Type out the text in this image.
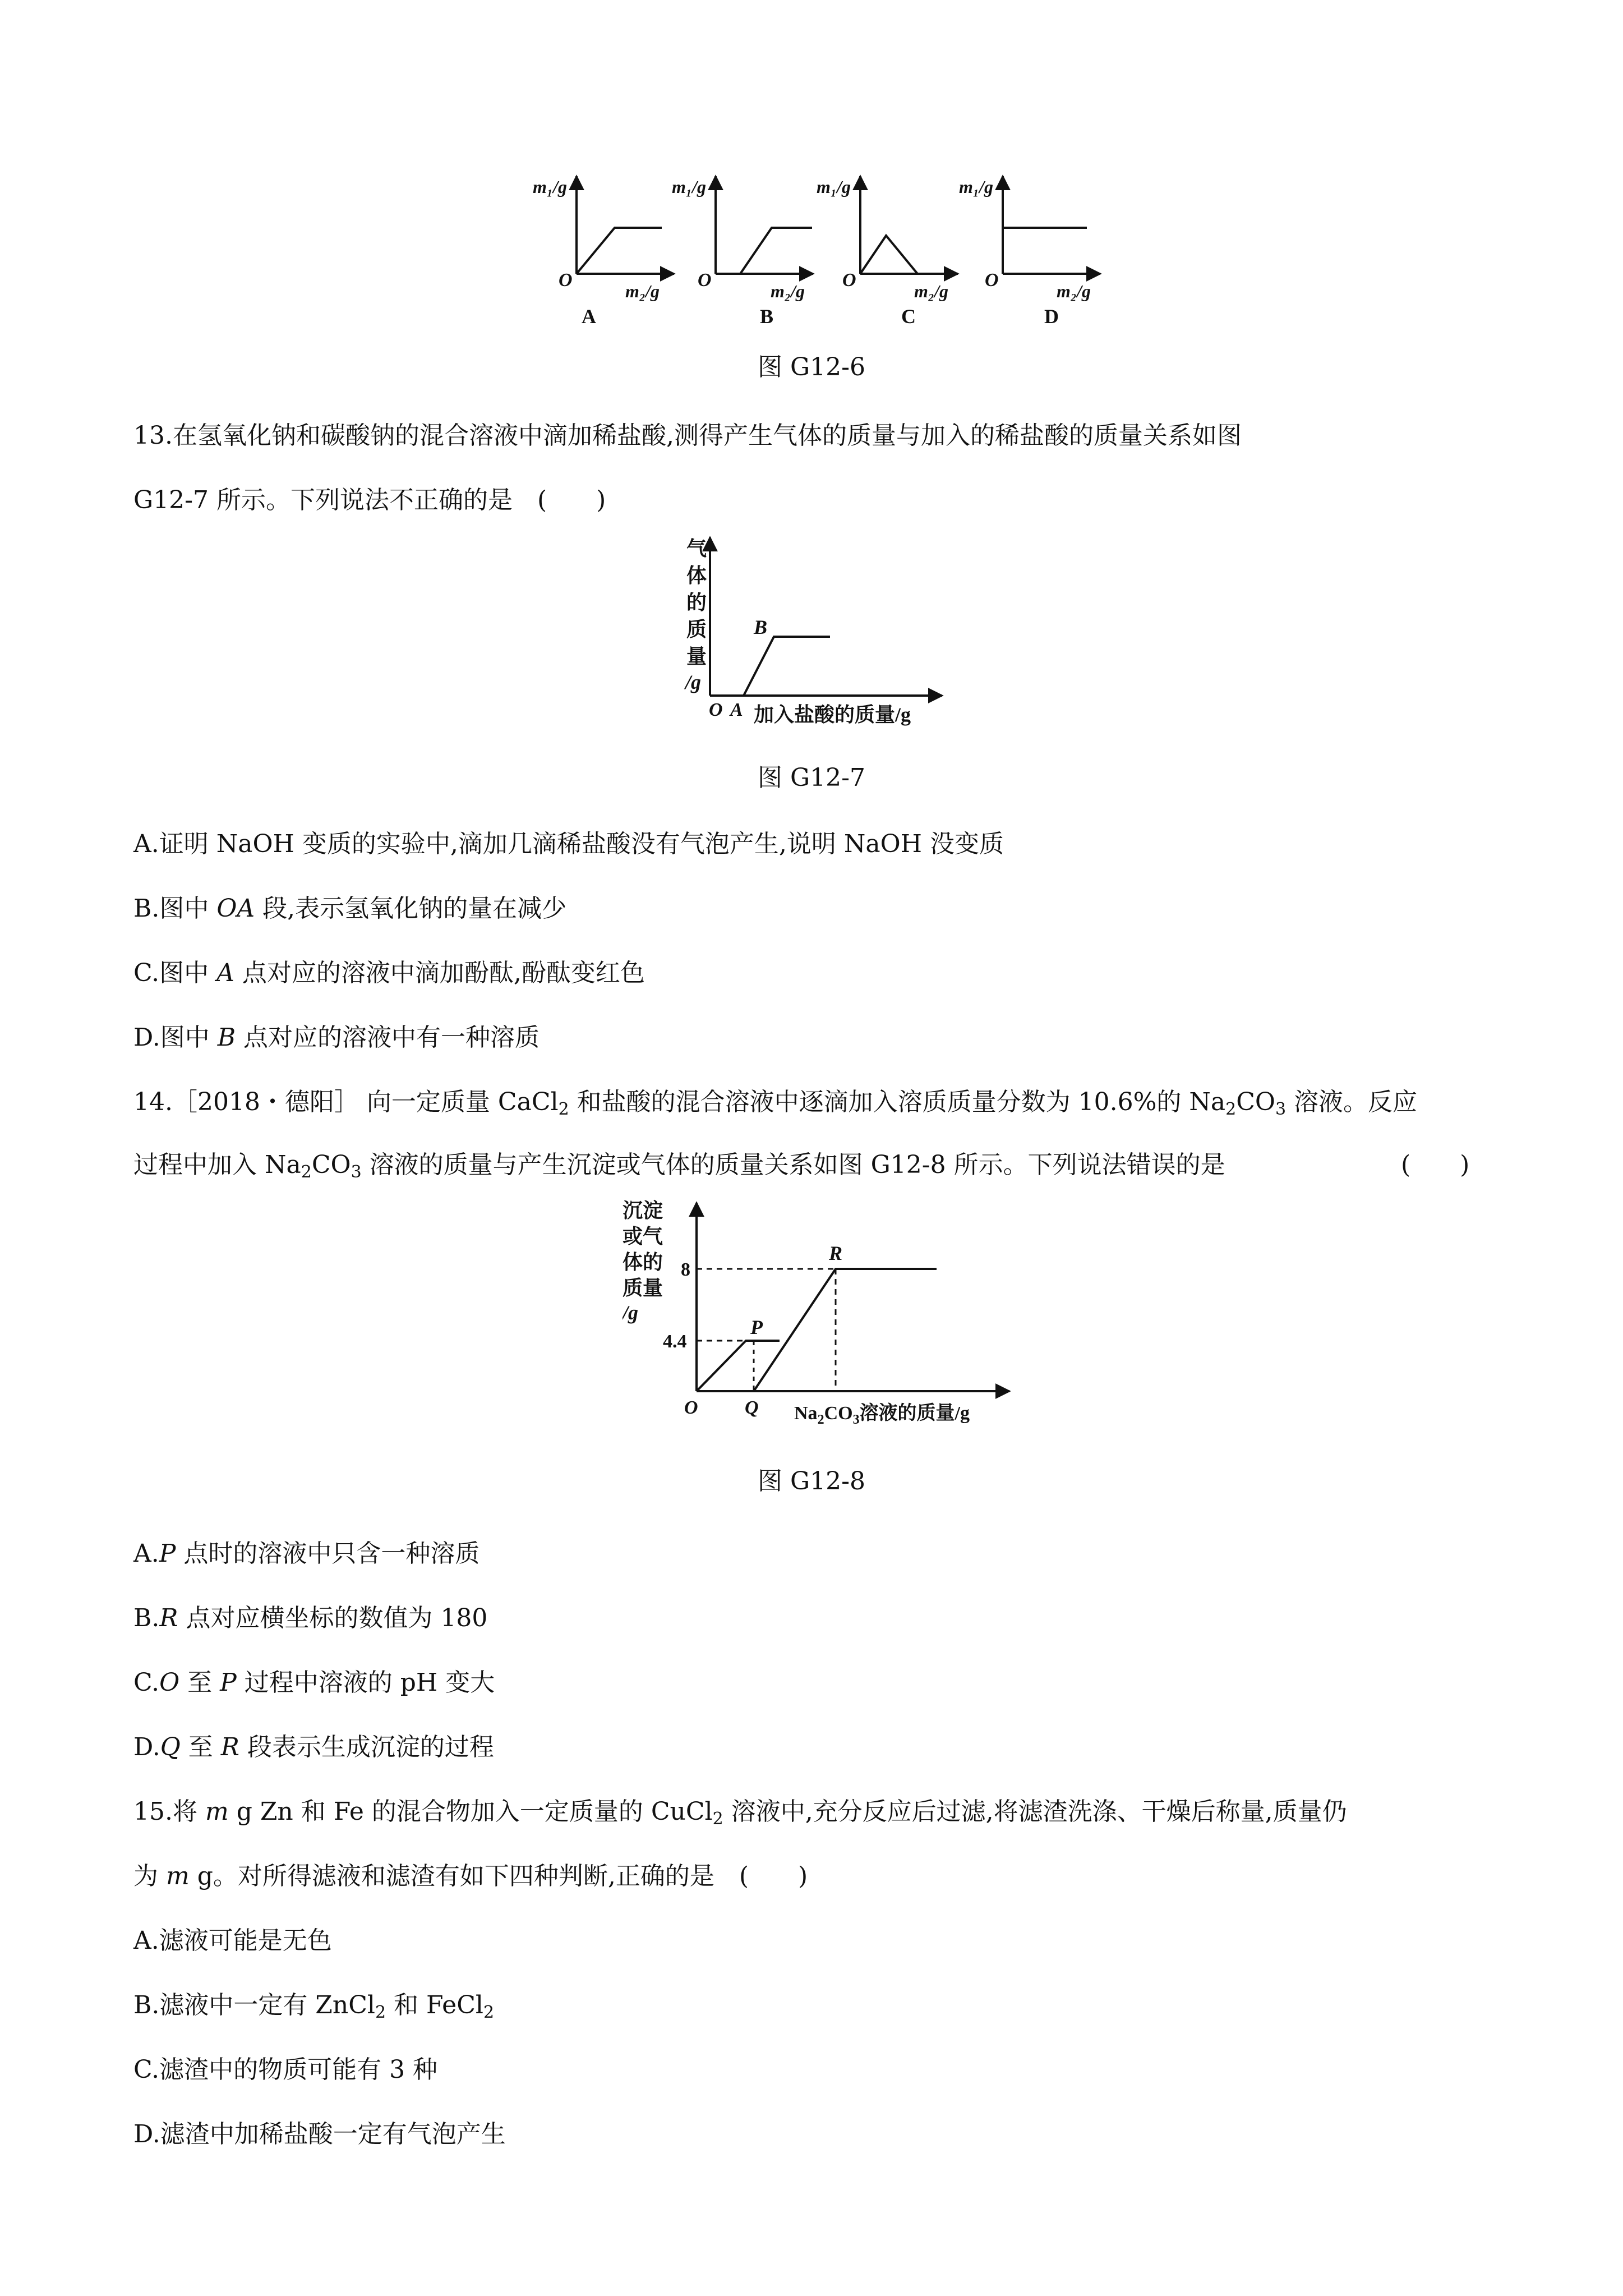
m₁/g
O
m₂/g
A
m₁/g
O
m₂/g
B
m₁/g
O
m₂/g
C
m₁/g
O
m₂/g
D
图 G12-6
13.在氢氧化钠和碳酸钠的混合溶液中滴加稀盐酸,测得产生气体的质量与加入的稀盐酸的质量关系如图
G12-7 所示。下列说法不正确的是　(　　)
气
体
的
质
量
/g
O A
B
加入盐酸的质量/g
图 G12-7
A.证明 NaOH 变质的实验中,滴加几滴稀盐酸没有气泡产生,说明 NaOH 没变质
B.图中 OA 段,表示氢氧化钠的量在减少
C.图中 A 点对应的溶液中滴加酚酞,酚酞变红色
D.图中 B 点对应的溶液中有一种溶质
14.［2018・德阳］ 向一定质量 CaCl$_2$ 和盐酸的混合溶液中逐滴加入溶质质量分数为 10.6%的 $Na_2CO_3$ 溶液。反应
过程中加入 $Na_2CO_3$ 溶液的质量与产生沉淀或气体的质量关系如图 G12-8 所示。下列说法错误的是	(　　)
沉淀
或气
体的
质量
/g
8
4.4
O Q
P
R
$Na_2CO_3$溶液的质量/g
图 G12-8
A.P 点时的溶液中只含一种溶质
B.R 点对应横坐标的数值为 180
C.O 至 P 过程中溶液的 pH 变大
D.Q 至 R 段表示生成沉淀的过程
15.将 m g Zn 和 Fe 的混合物加入一定质量的 CuCl$_2$ 溶液中,充分反应后过滤,将滤渣洗涤、干燥后称量,质量仍
为 m g。对所得滤液和滤渣有如下四种判断,正确的是　(　　)
A.滤液可能是无色
B.滤液中一定有 ZnCl$_2$ 和 FeCl$_2$
C.滤渣中的物质可能有 3 种
D.滤渣中加稀盐酸一定有气泡产生
